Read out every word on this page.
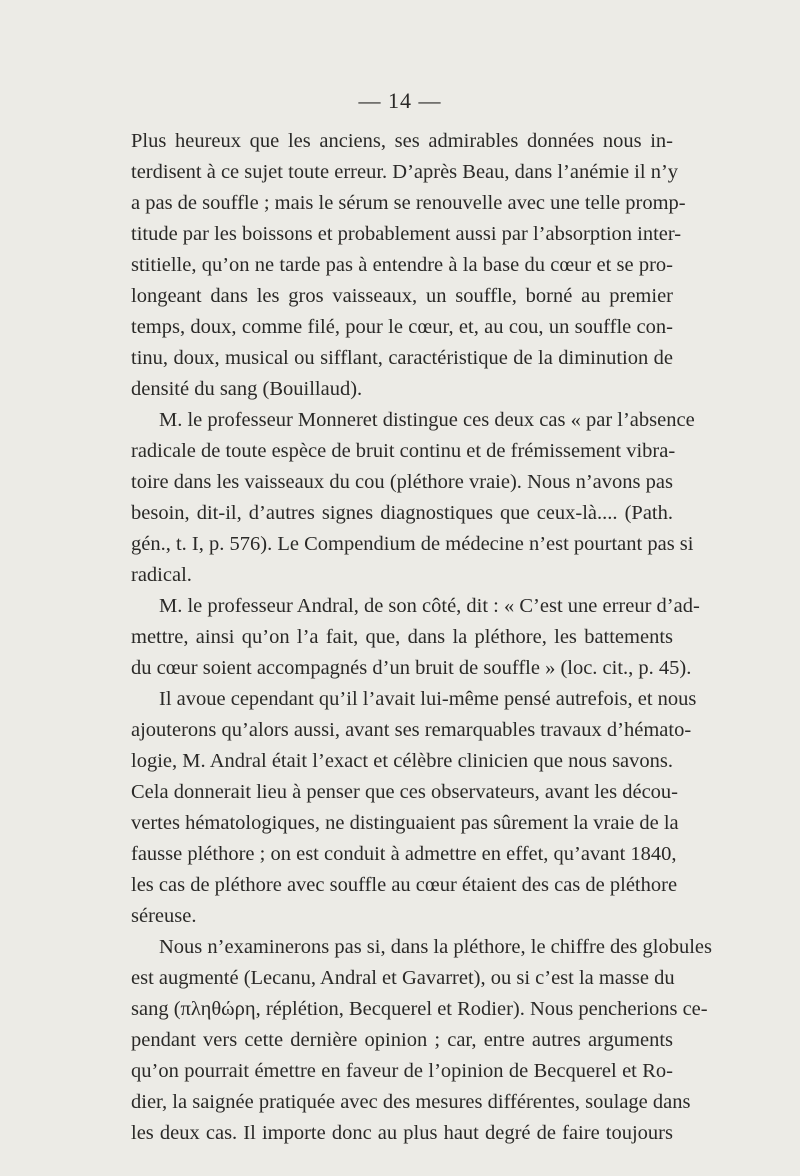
— 14 —
Plus heureux que les anciens, ses admirables données nous in-
terdisent à ce sujet toute erreur. D’après Beau, dans l’anémie il n’y
a pas de souffle ; mais le sérum se renouvelle avec une telle promp-
titude par les boissons et probablement aussi par l’absorption inter-
stitielle, qu’on ne tarde pas à entendre à la base du cœur et se pro-
longeant dans les gros vaisseaux, un souffle, borné au premier
temps, doux, comme filé, pour le cœur, et, au cou, un souffle con-
tinu, doux, musical ou sifflant, caractéristique de la diminution de
densité du sang (Bouillaud).
M. le professeur Monneret distingue ces deux cas « par l’absence
radicale de toute espèce de bruit continu et de frémissement vibra-
toire dans les vaisseaux du cou (pléthore vraie). Nous n’avons pas
besoin, dit-il, d’autres signes diagnostiques que ceux-là.... (Path.
gén., t. I, p. 576). Le Compendium de médecine n’est pourtant pas si
radical.
M. le professeur Andral, de son côté, dit : « C’est une erreur d’ad-
mettre, ainsi qu’on l’a fait, que, dans la pléthore, les battements
du cœur soient accompagnés d’un bruit de souffle » (loc. cit., p. 45).
Il avoue cependant qu’il l’avait lui-même pensé autrefois, et nous
ajouterons qu’alors aussi, avant ses remarquables travaux d’hémato-
logie, M. Andral était l’exact et célèbre clinicien que nous savons.
Cela donnerait lieu à penser que ces observateurs, avant les décou-
vertes hématologiques, ne distinguaient pas sûrement la vraie de la
fausse pléthore ; on est conduit à admettre en effet, qu’avant 1840,
les cas de pléthore avec souffle au cœur étaient des cas de pléthore
séreuse.
Nous n’examinerons pas si, dans la pléthore, le chiffre des globules
est augmenté (Lecanu, Andral et Gavarret), ou si c’est la masse du
sang (πληθώρη, réplétion, Becquerel et Rodier). Nous pencherions ce-
pendant vers cette dernière opinion ; car, entre autres arguments
qu’on pourrait émettre en faveur de l’opinion de Becquerel et Ro-
dier, la saignée pratiquée avec des mesures différentes, soulage dans
les deux cas. Il importe donc au plus haut degré de faire toujours
